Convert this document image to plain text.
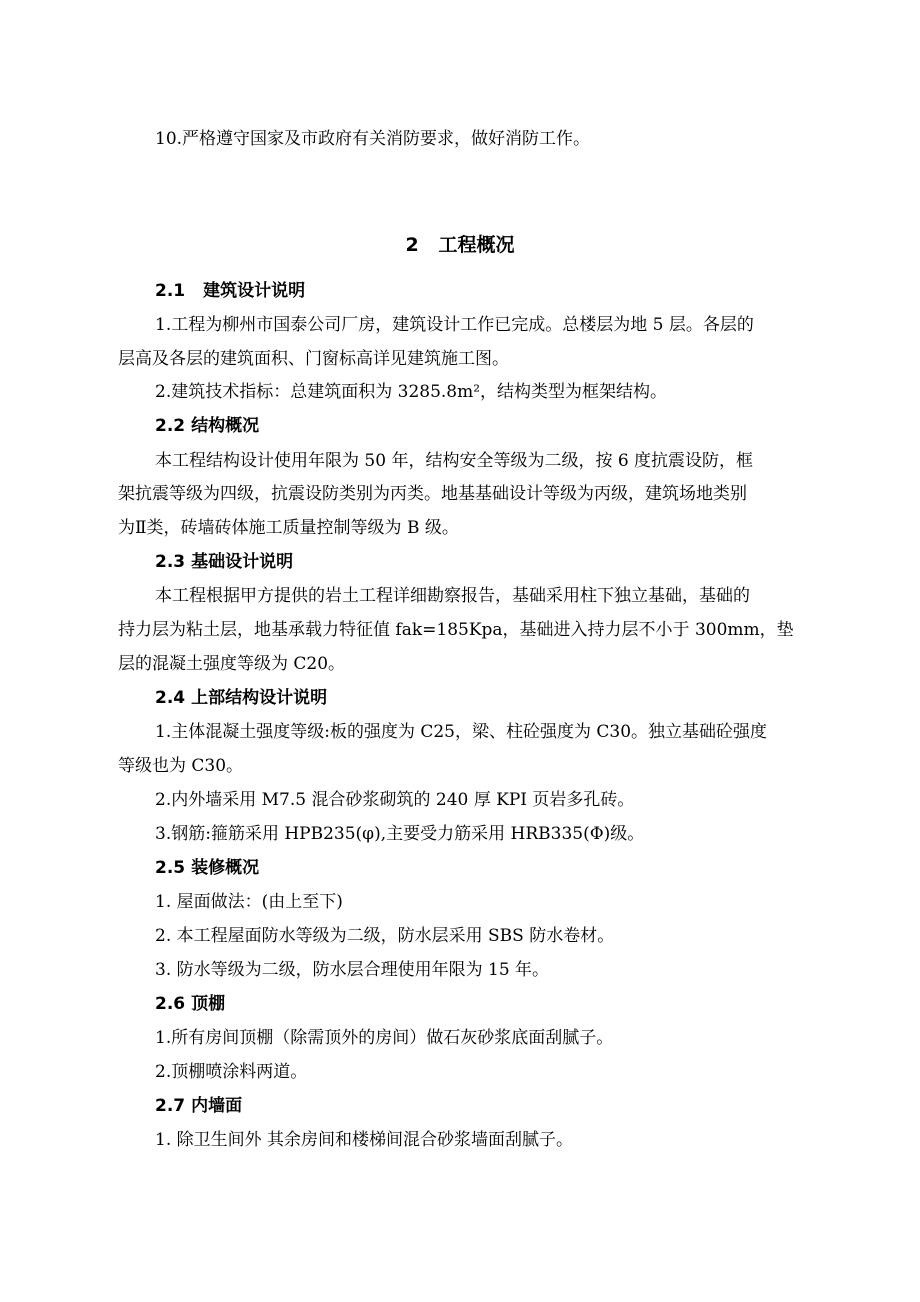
10.严格遵守国家及市政府有关消防要求，做好消防工作。
2 工程概况
2.1 建筑设计说明
1.工程为柳州市国泰公司厂房，建筑设计工作已完成。总楼层为地 5 层。各层的
层高及各层的建筑面积、门窗标高详见建筑施工图。
2.建筑技术指标：总建筑面积为 3285.8m²，结构类型为框架结构。
2.2 结构概况
本工程结构设计使用年限为 50 年，结构安全等级为二级，按 6 度抗震设防，框
架抗震等级为四级，抗震设防类别为丙类。地基基础设计等级为丙级，建筑场地类别
为Ⅱ类，砖墙砖体施工质量控制等级为 B 级。
2.3 基础设计说明
本工程根据甲方提供的岩土工程详细勘察报告，基础采用柱下独立基础，基础的
持力层为粘土层，地基承载力特征值 fak=185Kpa，基础进入持力层不小于 300mm，垫
层的混凝土强度等级为 C20。
2.4 上部结构设计说明
1.主体混凝土强度等级:板的强度为 C25，梁、柱砼强度为 C30。独立基础砼强度
等级也为 C30。
2.内外墙采用 M7.5 混合砂浆砌筑的 240 厚 KPI 页岩多孔砖。
3.钢筋:箍筋采用 HPB235(φ),主要受力筋采用 HRB335(Φ)级。
2.5 装修概况
1. 屋面做法：(由上至下)
2. 本工程屋面防水等级为二级，防水层采用 SBS 防水卷材。
3. 防水等级为二级，防水层合理使用年限为 15 年。
2.6 顶棚
1.所有房间顶棚（除需顶外的房间）做石灰砂浆底面刮腻子。
2.顶棚喷涂料两道。
2.7 内墙面
1. 除卫生间外 其余房间和楼梯间混合砂浆墙面刮腻子。
